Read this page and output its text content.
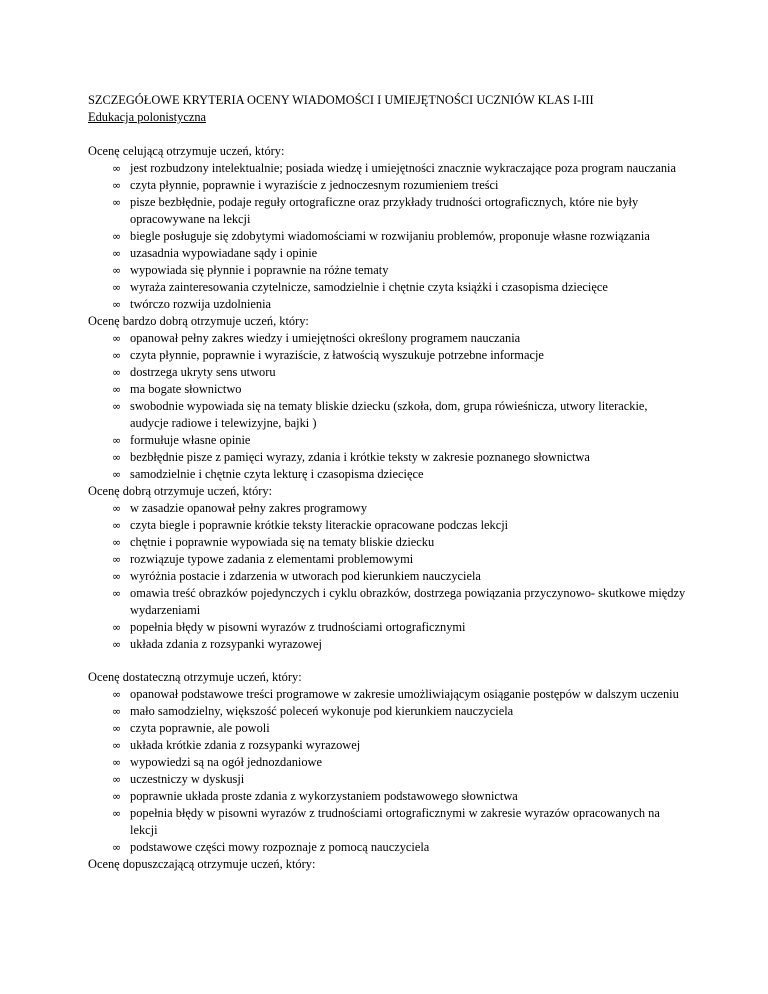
SZCZEGÓŁOWE KRYTERIA OCENY WIADOMOŚCI I UMIEJĘTNOŚCI UCZNIÓW KLAS I-III
Edukacja polonistyczna
Ocenę celującą otrzymuje uczeń, który:
∞ jest rozbudzony intelektualnie; posiada wiedzę i umiejętności znacznie wykraczające poza program nauczania
∞ czyta płynnie, poprawnie i wyraziście z jednoczesnym rozumieniem treści
∞ pisze bezbłędnie, podaje reguły ortograficzne oraz przykłady trudności ortograficznych, które nie były opracowywane na lekcji
∞ biegle posługuje się zdobytymi wiadomościami w rozwijaniu problemów, proponuje własne rozwiązania
∞ uzasadnia wypowiadane sądy i opinie
∞ wypowiada się płynnie i poprawnie na różne tematy
∞ wyraża zainteresowania czytelnicze, samodzielnie i chętnie czyta książki i czasopisma dziecięce
∞ twórczo rozwija uzdolnienia
Ocenę bardzo dobrą otrzymuje uczeń, który:
∞ opanował pełny zakres wiedzy i umiejętności określony programem nauczania
∞ czyta płynnie, poprawnie i wyraziście, z łatwością wyszukuje potrzebne informacje
∞ dostrzega ukryty sens utworu
∞ ma bogate słownictwo
∞ swobodnie wypowiada się na tematy bliskie dziecku (szkoła, dom, grupa rówieśnicza, utwory literackie, audycje radiowe i telewizyjne, bajki )
∞ formułuje własne opinie
∞ bezbłędnie pisze z pamięci wyrazy, zdania i krótkie teksty w zakresie poznanego słownictwa
∞ samodzielnie i chętnie czyta lekturę i czasopisma dziecięce
Ocenę dobrą otrzymuje uczeń, który:
∞ w zasadzie opanował pełny zakres programowy
∞ czyta biegle i poprawnie krótkie teksty literackie opracowane podczas lekcji
∞ chętnie i poprawnie wypowiada się na tematy bliskie dziecku
∞ rozwiązuje typowe zadania z elementami problemowymi
∞ wyróżnia postacie i zdarzenia w utworach pod kierunkiem nauczyciela
∞ omawia treść obrazków pojedynczych i cyklu obrazków, dostrzega powiązania przyczynowo- skutkowe między wydarzeniami
∞ popełnia błędy w pisowni wyrazów z trudnościami ortograficznymi
∞ układa zdania z rozsypanki wyrazowej
Ocenę dostateczną otrzymuje uczeń, który:
∞ opanował podstawowe treści programowe w zakresie umożliwiającym osiąganie postępów w dalszym uczeniu
∞ mało samodzielny, większość poleceń wykonuje pod kierunkiem nauczyciela
∞ czyta poprawnie, ale powoli
∞ układa krótkie zdania z rozsypanki wyrazowej
∞ wypowiedzi są na ogół jednozdaniowe
∞ uczestniczy w dyskusji
∞ poprawnie układa proste zdania z wykorzystaniem podstawowego słownictwa
∞ popełnia błędy w pisowni wyrazów z trudnościami ortograficznymi w zakresie wyrazów opracowanych na lekcji
∞ podstawowe części mowy rozpoznaje z pomocą nauczyciela
Ocenę dopuszczającą otrzymuje uczeń, który:
